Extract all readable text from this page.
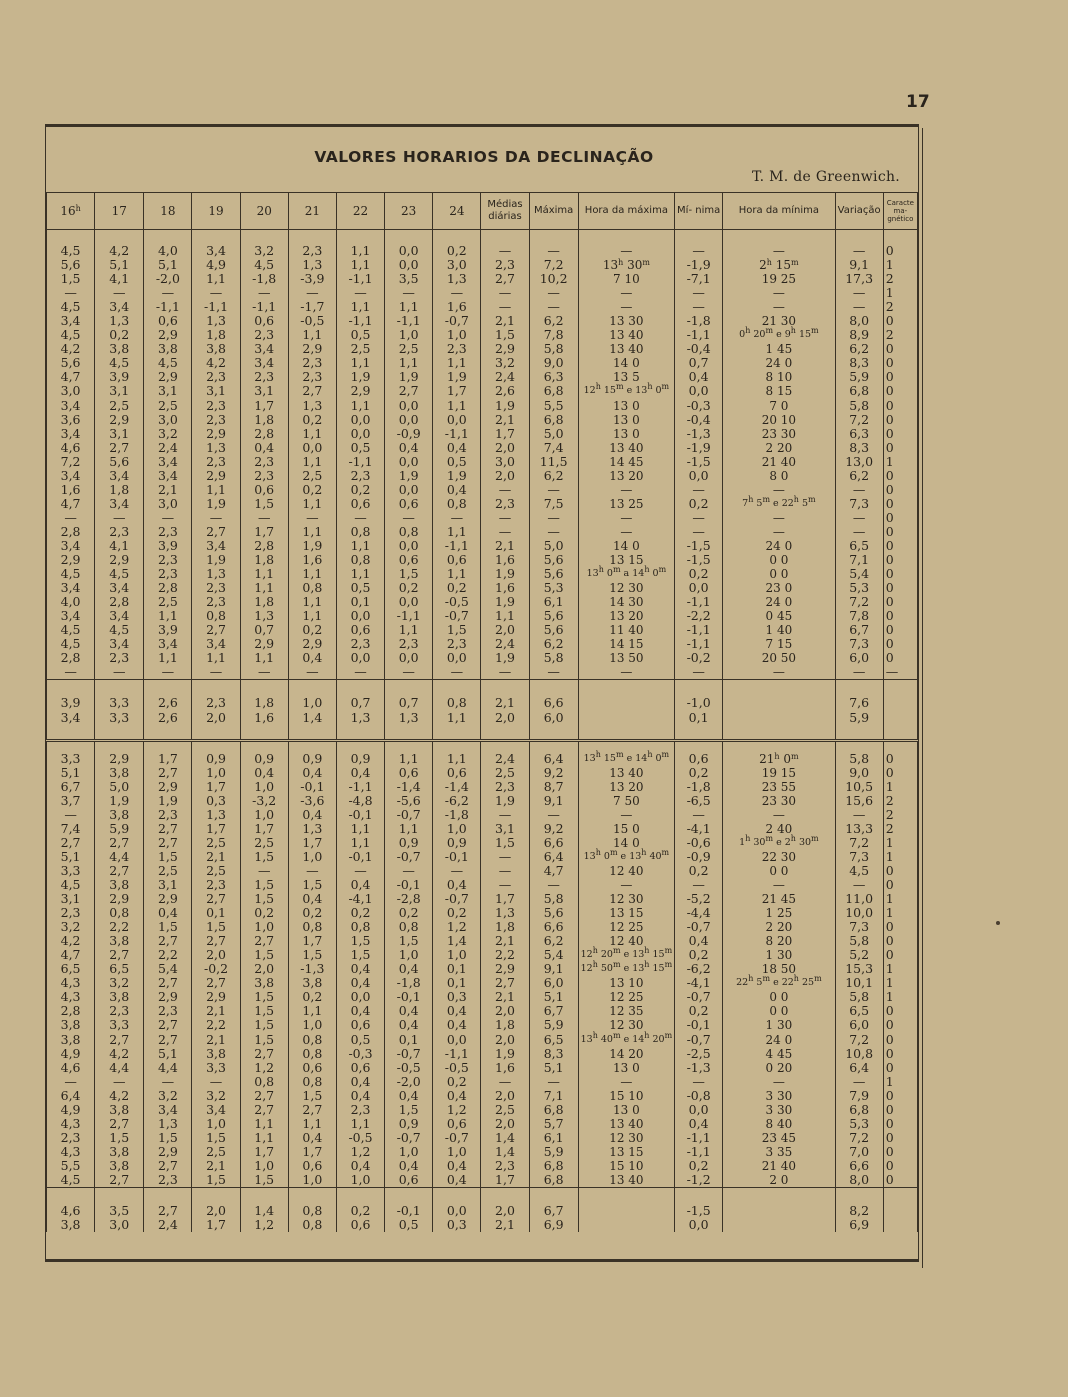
17
VALORES HORARIOS DA DECLINAÇÃO
T. M. de Greenwich.
16$^h$	17	18	19	20	21	22	23	24	Médias diárias	Máxima	Hora da máxima	Mí- nima	Hora da mínima	Variação	Caracte ma- gnético

4,5	4,2	4,0	3,4	3,2	2,3	1,1	0,0	0,2	—	—	—	—	—	—	0
5,6	5,1	5,1	4,9	4,5	1,3	1,1	0,0	3,0	2,3	7,2	13$^h$ 30$^m$	-1,9	2$^h$ 15$^m$	9,1	1
1,5	4,1	-2,0	1,1	-1,8	-3,9	-1,1	3,5	1,3	2,7	10,2	7 10	-7,1	19 25	17,3	2
—	—	—	—	—	—	—	—	—	—	—	—	—	—	—	1
4,5	3,4	-1,1	-1,1	-1,1	-1,7	1,1	1,1	1,6	—	—	—	—	—	—	2
3,4	1,3	0,6	1,3	0,6	-0,5	-1,1	-1,1	-0,7	2,1	6,2	13 30	-1,8	21 30	8,0	0
4,5	0,2	2,9	1,8	2,3	1,1	0,5	1,0	1,0	1,5	7,8	13 40	-1,1	0$^h$ 20$^m$ e 9$^h$ 15$^m$	8,9	2
4,2	3,8	3,8	3,8	3,4	2,9	2,5	2,5	2,3	2,9	5,8	13 40	-0,4	1 45	6,2	0
5,6	4,5	4,5	4,2	3,4	2,3	1,1	1,1	1,1	3,2	9,0	14 0	0,7	24 0	8,3	0
4,7	3,9	2,9	2,3	2,3	2,3	1,9	1,9	1,9	2,4	6,3	13 5	0,4	8 10	5,9	0
3,0	3,1	3,1	3,1	3,1	2,7	2,9	2,7	1,7	2,6	6,8	12$^h$ 15$^m$ e 13$^h$ 0$^m$	0,0	8 15	6,8	0
3,4	2,5	2,5	2,3	1,7	1,3	1,1	0,0	1,1	1,9	5,5	13 0	-0,3	7 0	5,8	0
3,6	2,9	3,0	2,3	1,8	0,2	0,0	0,0	0,0	2,1	6,8	13 0	-0,4	20 10	7,2	0
3,4	3,1	3,2	2,9	2,8	1,1	0,0	-0,9	-1,1	1,7	5,0	13 0	-1,3	23 30	6,3	0
4,6	2,7	2,4	1,3	0,4	0,0	0,5	0,4	0,4	2,0	7,4	13 40	-1,9	2 20	8,3	0
7,2	5,6	3,4	2,3	2,3	1,1	-1,1	0,0	0,5	3,0	11,5	14 45	-1,5	21 40	13,0	1
3,4	3,4	3,4	2,9	2,3	2,5	2,3	1,9	1,9	2,0	6,2	13 20	0,0	8 0	6,2	0
1,6	1,8	2,1	1,1	0,6	0,2	0,2	0,0	0,4	—	—	—	—	—	—	0
4,7	3,4	3,0	1,9	1,5	1,1	0,6	0,6	0,8	2,3	7,5	13 25	0,2	7$^h$ 5$^m$ e 22$^h$ 5$^m$	7,3	0
—	—	—	—	—	—	—	—	—	—	—	—	—	—	—	0
2,8	2,3	2,3	2,7	1,7	1,1	0,8	0,8	1,1	—	—	—	—	—	—	0
3,4	4,1	3,9	3,4	2,8	1,9	1,1	0,0	-1,1	2,1	5,0	14 0	-1,5	24 0	6,5	0
2,9	2,9	2,3	1,9	1,8	1,6	0,8	0,6	0,6	1,6	5,6	13 15	-1,5	0 0	7,1	0
4,5	4,5	2,3	1,3	1,1	1,1	1,1	1,5	1,1	1,9	5,6	13$^h$ 0$^m$ a 14$^h$ 0$^m$	0,2	0 0	5,4	0
3,4	3,4	2,8	2,3	1,1	0,8	0,5	0,2	0,2	1,6	5,3	12 30	0,0	23 0	5,3	0
4,0	2,8	2,5	2,3	1,8	1,1	0,1	0,0	-0,5	1,9	6,1	14 30	-1,1	24 0	7,2	0
3,4	3,4	1,1	0,8	1,3	1,1	0,0	-1,1	-0,7	1,1	5,6	13 20	-2,2	0 45	7,8	0
4,5	4,5	3,9	2,7	0,7	0,2	0,6	1,1	1,5	2,0	5,6	11 40	-1,1	1 40	6,7	0
4,5	3,4	3,4	3,4	2,9	2,9	2,3	2,3	2,3	2,4	6,2	14 15	-1,1	7 15	7,3	0
2,8	2,3	1,1	1,1	1,1	0,4	0,0	0,0	0,0	1,9	5,8	13 50	-0,2	20 50	6,0	0
—	—	—	—	—	—	—	—	—	—	—	—	—	—	—	—

3,9	3,3	2,6	2,3	1,8	1,0	0,7	0,7	0,8	2,1	6,6		-1,0		7,6	
3,4	3,3	2,6	2,0	1,6	1,4	1,3	1,3	1,1	2,0	6,0		0,1		5,9	

3,3	2,9	1,7	0,9	0,9	0,9	0,9	1,1	1,1	2,4	6,4	13$^h$ 15$^m$ e 14$^h$ 0$^m$	0,6	21$^h$ 0$^m$	5,8	0
5,1	3,8	2,7	1,0	0,4	0,4	0,4	0,6	0,6	2,5	9,2	13 40	0,2	19 15	9,0	0
6,7	5,0	2,9	1,7	1,0	-0,1	-1,1	-1,4	-1,4	2,3	8,7	13 20	-1,8	23 55	10,5	1
3,7	1,9	1,9	0,3	-3,2	-3,6	-4,8	-5,6	-6,2	1,9	9,1	7 50	-6,5	23 30	15,6	2
—	3,8	2,3	1,3	1,0	0,4	-0,1	-0,7	-1,8	—	—	—	—	—	—	2
7,4	5,9	2,7	1,7	1,7	1,3	1,1	1,1	1,0	3,1	9,2	15 0	-4,1	2 40	13,3	2
2,7	2,7	2,7	2,5	2,5	1,7	1,1	0,9	0,9	1,5	6,6	14 0	-0,6	1$^h$ 30$^m$ e 2$^h$ 30$^m$	7,2	1
5,1	4,4	1,5	2,1	1,5	1,0	-0,1	-0,7	-0,1	—	6,4	13$^h$ 0$^m$ e 13$^h$ 40$^m$	-0,9	22 30	7,3	1
3,3	2,7	2,5	2,5	—	—	—	—	—	—	4,7	12 40	0,2	0 0	4,5	0
4,5	3,8	3,1	2,3	1,5	1,5	0,4	-0,1	0,4	—	—	—	—	—	—	0
3,1	2,9	2,9	2,7	1,5	0,4	-4,1	-2,8	-0,7	1,7	5,8	12 30	-5,2	21 45	11,0	1
2,3	0,8	0,4	0,1	0,2	0,2	0,2	0,2	0,2	1,3	5,6	13 15	-4,4	1 25	10,0	1
3,2	2,2	1,5	1,5	1,0	0,8	0,8	0,8	1,2	1,8	6,6	12 25	-0,7	2 20	7,3	0
4,2	3,8	2,7	2,7	2,7	1,7	1,5	1,5	1,4	2,1	6,2	12 40	0,4	8 20	5,8	0
4,7	2,7	2,2	2,0	1,5	1,5	1,5	1,0	1,0	2,2	5,4	12$^h$ 20$^m$ e 13$^h$ 15$^m$	0,2	1 30	5,2	0
6,5	6,5	5,4	-0,2	2,0	-1,3	0,4	0,4	0,1	2,9	9,1	12$^h$ 50$^m$ e 13$^h$ 15$^m$	-6,2	18 50	15,3	1
4,3	3,2	2,7	2,7	3,8	3,8	0,4	-1,8	0,1	2,7	6,0	13 10	-4,1	22$^h$ 5$^m$ e 22$^h$ 25$^m$	10,1	1
4,3	3,8	2,9	2,9	1,5	0,2	0,0	-0,1	0,3	2,1	5,1	12 25	-0,7	0 0	5,8	1
2,8	2,3	2,3	2,1	1,5	1,1	0,4	0,4	0,4	2,0	6,7	12 35	0,2	0 0	6,5	0
3,8	3,3	2,7	2,2	1,5	1,0	0,6	0,4	0,4	1,8	5,9	12 30	-0,1	1 30	6,0	0
3,8	2,7	2,7	2,1	1,5	0,8	0,5	0,1	0,0	2,0	6,5	13$^h$ 40$^m$ e 14$^h$ 20$^m$	-0,7	24 0	7,2	0
4,9	4,2	5,1	3,8	2,7	0,8	-0,3	-0,7	-1,1	1,9	8,3	14 20	-2,5	4 45	10,8	0
4,6	4,4	4,4	3,3	1,2	0,6	0,6	-0,5	-0,5	1,6	5,1	13 0	-1,3	0 20	6,4	0
—	—	—	—	0,8	0,8	0,4	-2,0	0,2	—	—	—	—	—	—	1
6,4	4,2	3,2	3,2	2,7	1,5	0,4	0,4	0,4	2,0	7,1	15 10	-0,8	3 30	7,9	0
4,9	3,8	3,4	3,4	2,7	2,7	2,3	1,5	1,2	2,5	6,8	13 0	0,0	3 30	6,8	0
4,3	2,7	1,3	1,0	1,1	1,1	1,1	0,9	0,6	2,0	5,7	13 40	0,4	8 40	5,3	0
2,3	1,5	1,5	1,5	1,1	0,4	-0,5	-0,7	-0,7	1,4	6,1	12 30	-1,1	23 45	7,2	0
4,3	3,8	2,9	2,5	1,7	1,7	1,2	1,0	1,0	1,4	5,9	13 15	-1,1	3 35	7,0	0
5,5	3,8	2,7	2,1	1,0	0,6	0,4	0,4	0,4	2,3	6,8	15 10	0,2	21 40	6,6	0
4,5	2,7	2,3	1,5	1,5	1,0	1,0	0,6	0,4	1,7	6,8	13 40	-1,2	2 0	8,0	0

4,6	3,5	2,7	2,0	1,4	0,8	0,2	-0,1	0,0	2,0	6,7		-1,5		8,2	
3,8	3,0	2,4	1,7	1,2	0,8	0,6	0,5	0,3	2,1	6,9		0,0		6,9	
